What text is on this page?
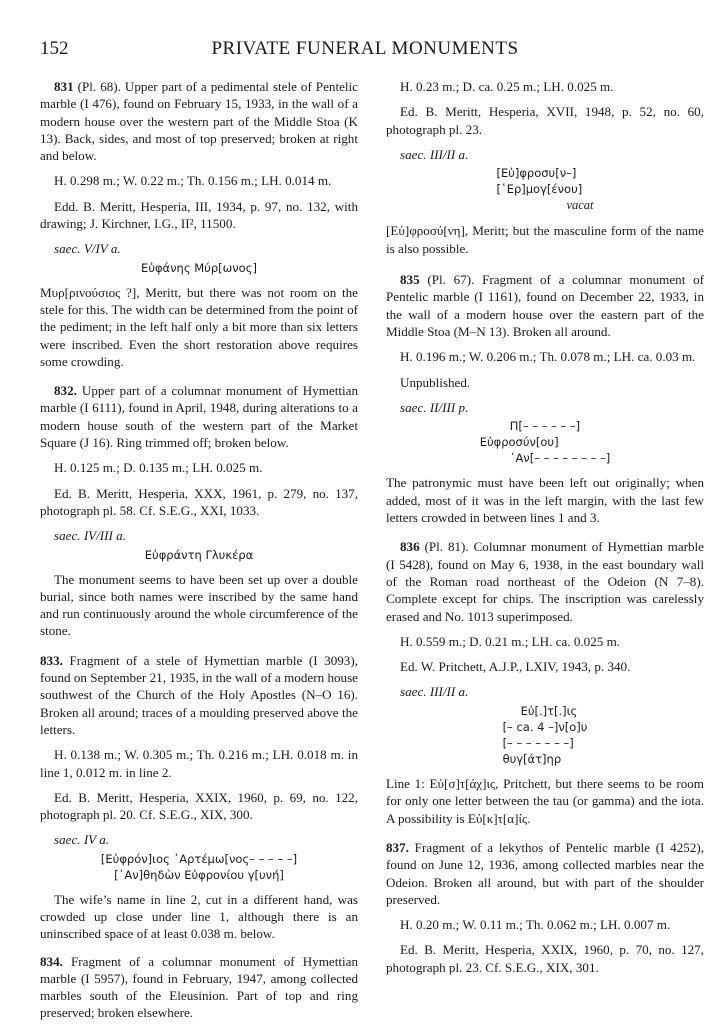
152	PRIVATE FUNERAL MONUMENTS

831 (Pl. 68). Upper part of a pedimental stele of Pentelic marble (I 476), found on February 15, 1933, in the wall of a modern house over the western part of the Middle Stoa (K 13). Back, sides, and most of top preserved; broken at right and below.

H. 0.298 m.; W. 0.22 m.; Th. 0.156 m.; LH. 0.014 m.

Edd. B. Meritt, Hesperia, III, 1934, p. 97, no. 132, with drawing; J. Kirchner, I.G., II², 11500.

saec. V/IV a.
Εὐφάνης Μύρ[ωνος]

Μυρ[ρινούσιος ?], Meritt, but there was not room on the stele for this. The width can be determined from the point of the pediment; in the left half only a bit more than six letters were inscribed. Even the short restoration above requires some crowding.

832. Upper part of a columnar monument of Hymettian marble (I 6111), found in April, 1948, during alterations to a modern house south of the western part of the Market Square (J 16). Ring trimmed off; broken below.

H. 0.125 m.; D. 0.135 m.; LH. 0.025 m.

Ed. B. Meritt, Hesperia, XXX, 1961, p. 279, no. 137, photograph pl. 58. Cf. S.E.G., XXI, 1033.

saec. IV/III a.
Εὐφράντη Γλυκέρα

The monument seems to have been set up over a double burial, since both names were inscribed by the same hand and run continuously around the whole circumference of the stone.

833. Fragment of a stele of Hymettian marble (I 3093), found on September 21, 1935, in the wall of a modern house southwest of the Church of the Holy Apostles (N–O 16). Broken all around; traces of a moulding preserved above the letters.

H. 0.138 m.; W. 0.305 m.; Th. 0.216 m.; LH. 0.018 m. in line 1, 0.012 m. in line 2.

Ed. B. Meritt, Hesperia, XXIX, 1960, p. 69, no. 122, photograph pl. 20. Cf. S.E.G., XIX, 300.

saec. IV a.
[Εὐφρόν]ιος ᾿Αρτέμω[νος– – – – –]
[᾿Αν]θηδὼν Εὐφρονίου γ[υνή]

The wife’s name in line 2, cut in a different hand, was crowded up close under line 1, although there is an uninscribed space of at least 0.038 m. below.

834. Fragment of a columnar monument of Hymettian marble (I 5957), found in February, 1947, among collected marbles south of the Eleusinion. Part of top and ring preserved; broken elsewhere.

H. 0.23 m.; D. ca. 0.25 m.; LH. 0.025 m.

Ed. B. Meritt, Hesperia, XVII, 1948, p. 52, no. 60, photograph pl. 23.

saec. III/II a.
[Εὐ]φροσυ[ν–]
[῾Ερ]μογ[ένου]
vacat

[Εὐ]φροσύ[νη], Meritt; but the masculine form of the name is also possible.

835 (Pl. 67). Fragment of a columnar monument of Pentelic marble (I 1161), found on December 22, 1933, in the wall of a modern house over the eastern part of the Middle Stoa (M–N 13). Broken all around.

H. 0.196 m.; W. 0.206 m.; Th. 0.078 m.; LH. ca. 0.03 m.

Unpublished.

saec. II/III p.
Π[– – – – – –]
Εὐφροσύν[ου]
᾿Αν[– – – – – – – –]

The patronymic must have been left out originally; when added, most of it was in the left margin, with the last few letters crowded in between lines 1 and 3.

836 (Pl. 81). Columnar monument of Hymettian marble (I 5428), found on May 6, 1938, in the east boundary wall of the Roman road northeast of the Odeion (N 7–8). Complete except for chips. The inscription was carelessly erased and No. 1013 superimposed.

H. 0.559 m.; D. 0.21 m.; LH. ca. 0.025 m.

Ed. W. Pritchett, A.J.P., LXIV, 1943, p. 340.

saec. III/II a.
Εὐ[.]τ[.]ις
[– ca. 4 –]ν[ο]υ
[– – – – – – –]
θυγ[άτ]ηρ

Line 1: Εὐ[σ]τ[άχ]ις, Pritchett, but there seems to be room for only one letter between the tau (or gamma) and the iota. A possibility is Εὐ[κ]τ[α]ίς.

837. Fragment of a lekythos of Pentelic marble (I 4252), found on June 12, 1936, among collected marbles near the Odeion. Broken all around, but with part of the shoulder preserved.

H. 0.20 m.; W. 0.11 m.; Th. 0.062 m.; LH. 0.007 m.

Ed. B. Meritt, Hesperia, XXIX, 1960, p. 70, no. 127, photograph pl. 23. Cf. S.E.G., XIX, 301.
